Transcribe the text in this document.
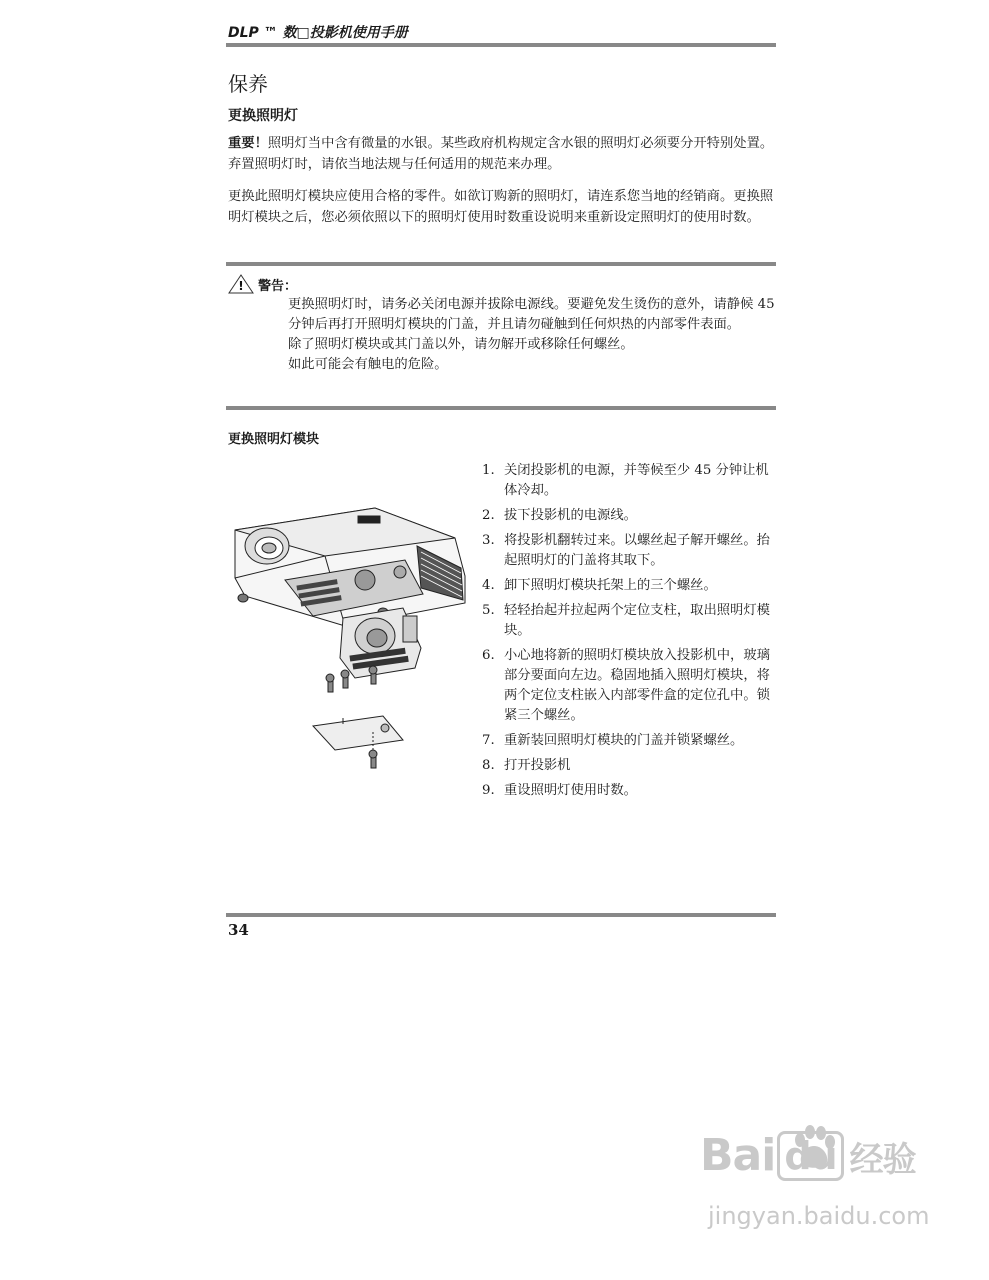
DLP ™ 数□投影机使用手册
保养
更换照明灯

重要！照明灯当中含有微量的水银。某些政府机构规定含水银的照明灯必须要分开特别处置。弃置照明灯时，请依当地法规与任何适用的规范来办理。

更换此照明灯模块应使用合格的零件。如欲订购新的照明灯，请连系您当地的经销商。更换照明灯模块之后，您必须依照以下的照明灯使用时数重设说明来重新设定照明灯的使用时数。

! 警告：

更换照明灯时，请务必关闭电源并拔除电源线。要避免发生烫伤的意外，请静候 45 分钟后再打开照明灯模块的门盖，并且请勿碰触到任何炽热的内部零件表面。

除了照明灯模块或其门盖以外，请勿解开或移除任何螺丝。

如此可能会有触电的危险。

更换照明灯模块
1. 关闭投影机的电源，并等候至少 45 分钟让机体冷却。
2. 拔下投影机的电源线。
3. 将投影机翻转过来。以螺丝起子解开螺丝。抬起照明灯的门盖将其取下。
4. 卸下照明灯模块托架上的三个螺丝。
5. 轻轻抬起并拉起两个定位支柱，取出照明灯模块。
6. 小心地将新的照明灯模块放入投影机中，玻璃部分要面向左边。稳固地插入照明灯模块，将两个定位支柱嵌入内部零件盒的定位孔中。锁紧三个螺丝。
7. 重新装回照明灯模块的门盖并锁紧螺丝。
8. 打开投影机
9. 重设照明灯使用时数。
34
Bai du 经验
jingyan.baidu.com
